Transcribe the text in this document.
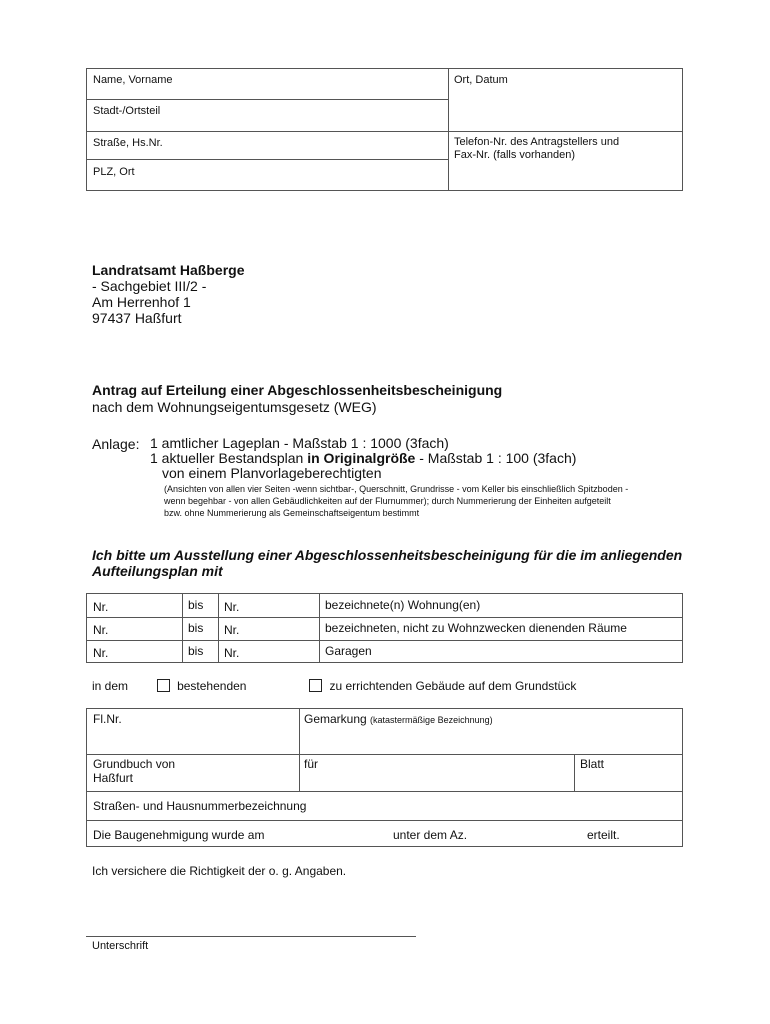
Name, Vorname	Ort, Datum
Stadt-/Ortsteil
Straße, Hs.Nr.	Telefon-Nr. des Antragstellers und
Fax-Nr. (falls vorhanden)
PLZ, Ort
Landratsamt Haßberge
- Sachgebiet III/2 -
Am Herrenhof 1
97437 Haßfurt
Antrag auf Erteilung einer Abgeschlossenheitsbescheinigung
nach dem Wohnungseigentumsgesetz (WEG)
Anlage: 1 amtlicher Lageplan - Maßstab 1 : 1000 (3fach)
1 aktueller Bestandsplan in Originalgröße - Maßstab 1 : 100 (3fach)
von einem Planvorlageberechtigten
(Ansichten von allen vier Seiten -wenn sichtbar-, Querschnitt, Grundrisse - vom Keller bis einschließlich Spitzboden -
wenn begehbar - von allen Gebäudlichkeiten auf der Flurnummer); durch Nummerierung der Einheiten aufgeteilt
bzw. ohne Nummerierung als Gemeinschaftseigentum bestimmt
Ich bitte um Ausstellung einer Abgeschlossenheitsbescheinigung für die im anliegenden
Aufteilungsplan mit
Nr.	bis Nr.	bezeichnete(n) Wohnung(en)
Nr.	bis Nr.	bezeichneten, nicht zu Wohnzwecken dienenden Räume
Nr.	bis Nr.	Garagen
in dem	bestehenden	zu errichtenden Gebäude auf dem Grundstück
Fl.Nr.	Gemarkung (katastermäßige Bezeichnung)
Grundbuch von
Haßfurt
für	Blatt
Straßen- und Hausnummerbezeichnung
Die Baugenehmigung wurde am	unter dem Az.	erteilt.
Ich versichere die Richtigkeit der o. g. Angaben.
Unterschrift
